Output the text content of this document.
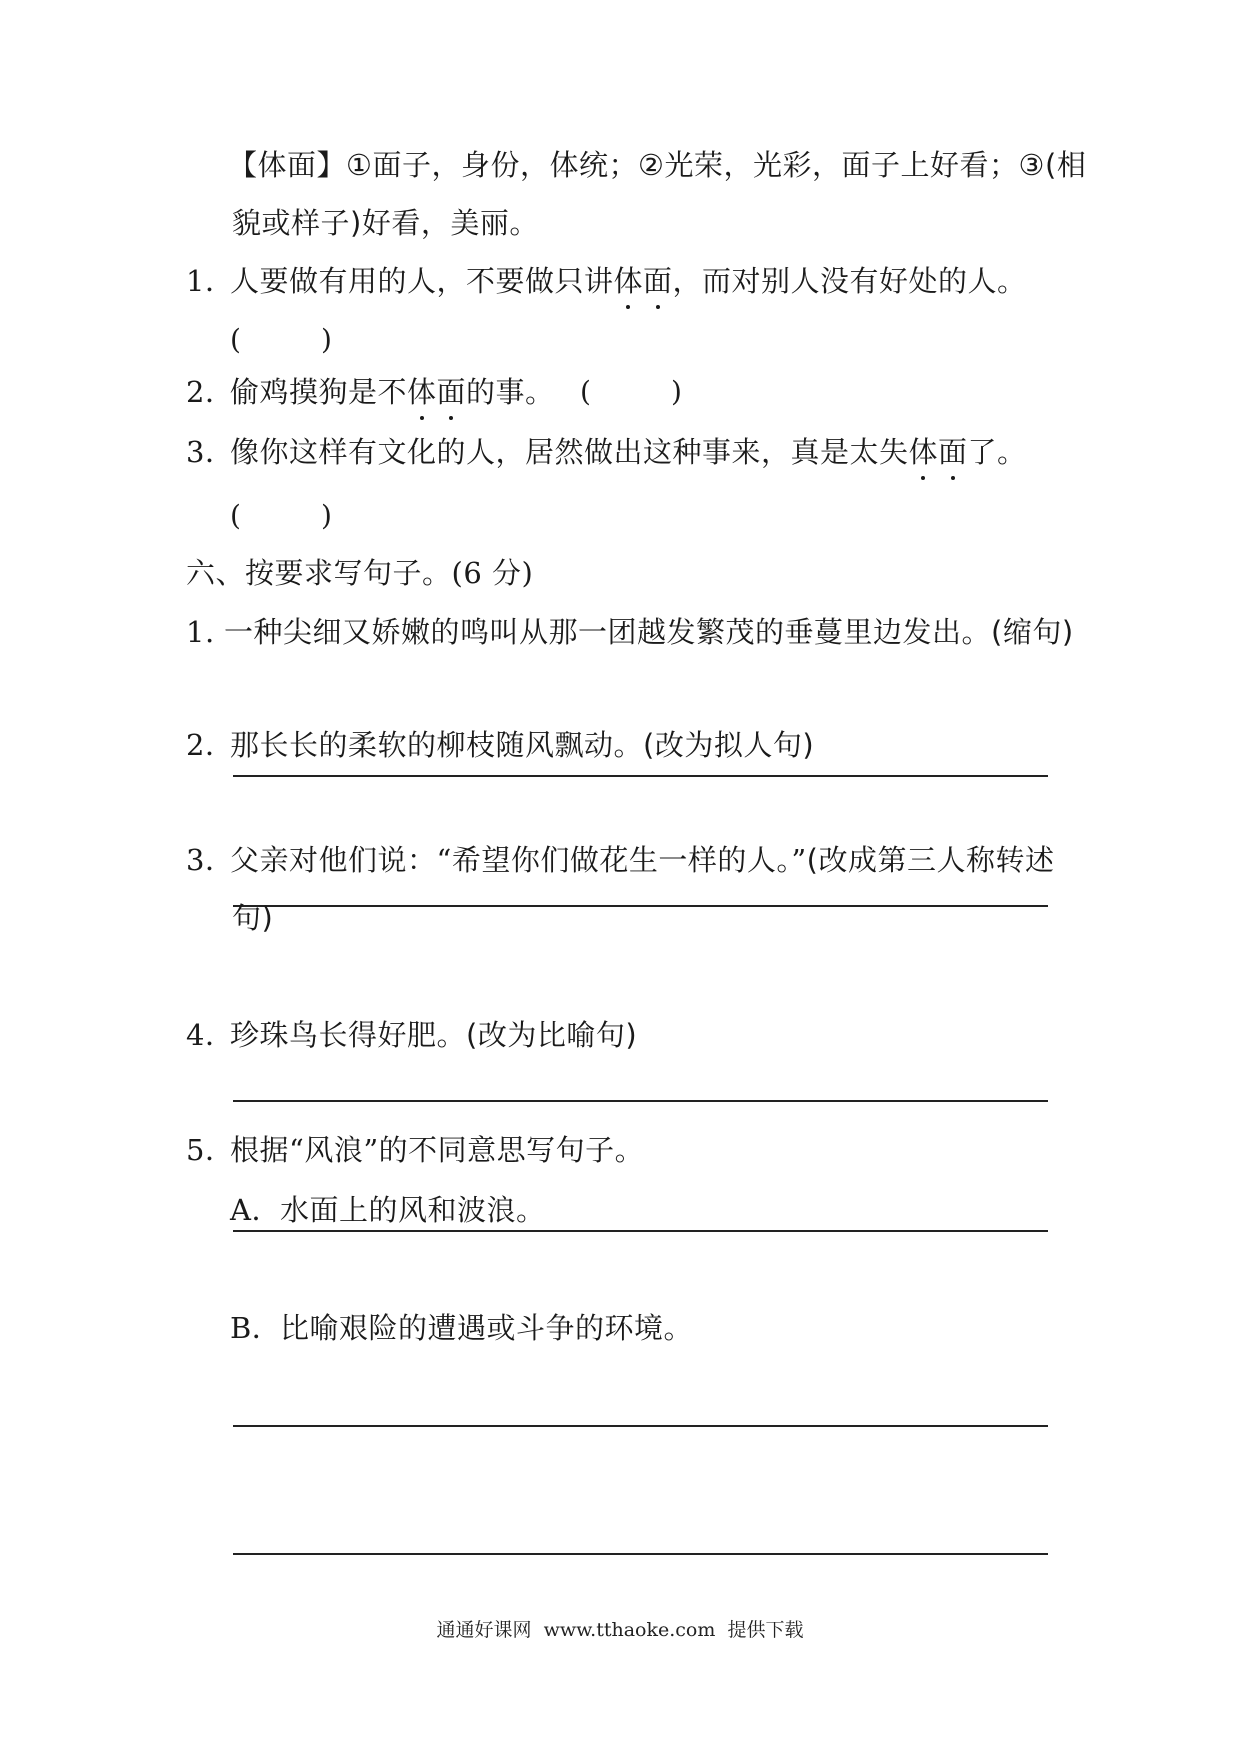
【体面】①面子，身份，体统；②光荣，光彩，面子上好看；③(相
貌或样子)好看，美丽。
1．人要做有用的人，不要做只讲体面，而对别人没有好处的人。
(	)
2．偷鸡摸狗是不体面的事。 (	)
3．像你这样有文化的人，居然做出这种事来，真是太失体面了。
(	)
六、按要求写句子。(6 分)
1. 一种尖细又娇嫩的鸣叫从那一团越发繁茂的垂蔓里边发出。(缩句)
2．那长长的柔软的柳枝随风飘动。(改为拟人句)
3．父亲对他们说：“希望你们做花生一样的人。”(改成第三人称转述
句)
4．珍珠鸟长得好肥。(改为比喻句)
5．根据“风浪”的不同意思写句子。
A．水面上的风和波浪。
B．比喻艰险的遭遇或斗争的环境。
通通好课网 www.tthaoke.com 提供下载
